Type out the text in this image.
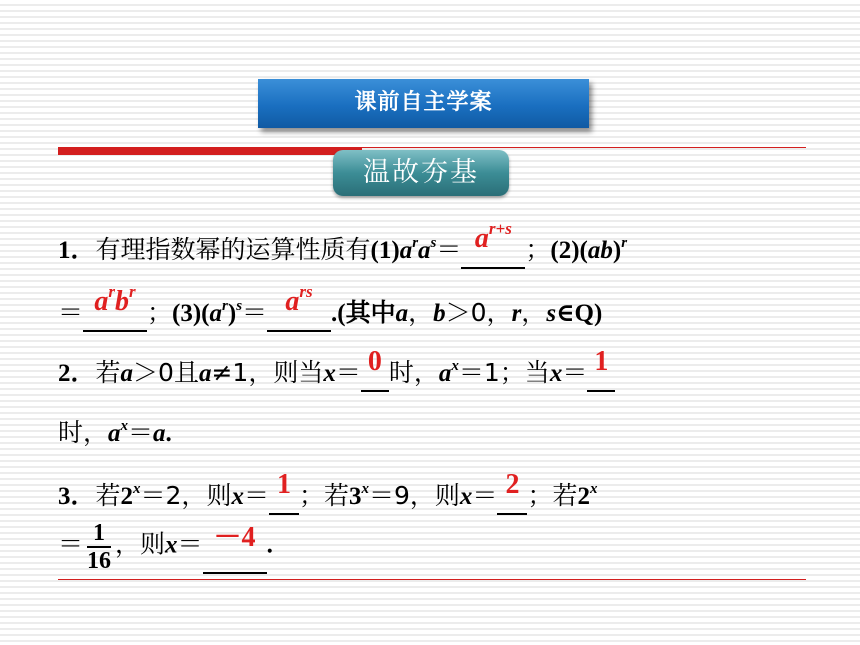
课前自主学案
温故夯基
1．有理指数幂的运算性质有$(1)a^ra^s= a^{r+s}$
；(2)(ab)$^r$
＝ $a^rb^r$
；$(3)(a^r)^s= a^{rs}$
.(其中a，b＞0，r，s∈Q)
2．若a＞0且a≠1，则当x＝ 0 时，$a^x=1$；当x＝ 1
时，$a^x=a$.
3．若$2^x=2$，则x＝ 1 ；若$3^x=9$，则x＝ 2 ；若$2^x$
＝ $\frac{1}{16}$ ，则x＝ －4 .
